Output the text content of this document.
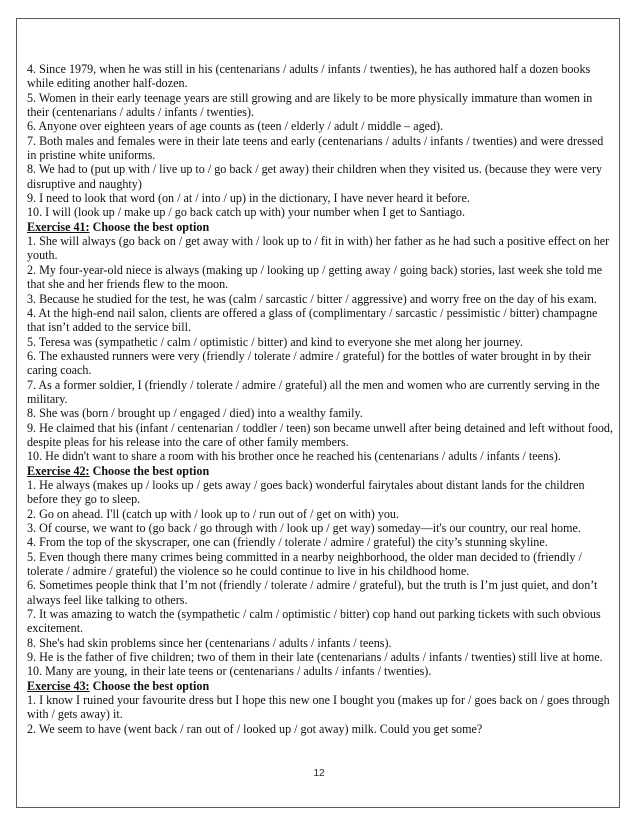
4. Since 1979, when he was still in his (centenarians / adults / infants / twenties), he has authored half a dozen books while editing another half-dozen.

5. Women in their early teenage years are still growing and are likely to be more physically immature than women in their (centenarians / adults / infants / twenties).

6. Anyone over eighteen years of age counts as (teen / elderly / adult / middle – aged).

7. Both males and females were in their late teens and early (centenarians / adults / infants / twenties) and were dressed in pristine white uniforms.

8. We had to (put up with / live up to / go back / get away) their children when they visited us. (because they were very disruptive and naughty)

9. I need to look that word (on / at / into / up) in the dictionary, I have never heard it before.

10. I will (look up / make up / go back catch up with) your number when I get to Santiago.

Exercise 41: Choose the best option

1. She will always (go back on / get away with / look up to / fit in with) her father as he had such a positive effect on her youth.

2. My four-year-old niece is always (making up / looking up / getting away / going back) stories, last week she told me that she and her friends flew to the moon.

3. Because he studied for the test, he was (calm / sarcastic / bitter / aggressive) and worry free on the day of his exam.

4. At the high-end nail salon, clients are offered a glass of (complimentary / sarcastic / pessimistic / bitter) champagne that isn’t added to the service bill.

5. Teresa was (sympathetic / calm / optimistic / bitter) and kind to everyone she met along her journey.

6. The exhausted runners were very (friendly / tolerate / admire / grateful) for the bottles of water brought in by their caring coach.

7. As a former soldier, I (friendly / tolerate / admire / grateful) all the men and women who are currently serving in the military.

8. She was (born / brought up / engaged / died) into a wealthy family.

9. He claimed that his (infant / centenarian / toddler / teen) son became unwell after being detained and left without food, despite pleas for his release into the care of other family members.

10. He didn't want to share a room with his brother once he reached his (centenarians / adults / infants / teens).

Exercise 42: Choose the best option

1. He always (makes up / looks up / gets away / goes back) wonderful fairytales about distant lands for the children before they go to sleep.

2. Go on ahead. I'll (catch up with / look up to / run out of / get on with) you.

3. Of course, we want to (go back / go through with / look up / get way) someday—it's our country, our real home.

4. From the top of the skyscraper, one can (friendly / tolerate / admire / grateful) the city’s stunning skyline.

5. Even though there many crimes being committed in a nearby neighborhood, the older man decided to (friendly / tolerate / admire / grateful) the violence so he could continue to live in his childhood home.

6. Sometimes people think that I’m not (friendly / tolerate / admire / grateful), but the truth is I’m just quiet, and don’t always feel like talking to others.

7. It was amazing to watch the (sympathetic / calm / optimistic / bitter) cop hand out parking tickets with such obvious excitement.

8. She's had skin problems since her (centenarians / adults / infants / teens).

9. He is the father of five children; two of them in their late (centenarians / adults / infants / twenties) still live at home.

10. Many are young, in their late teens or (centenarians / adults / infants / twenties).

Exercise 43: Choose the best option

1. I know I ruined your favourite dress but I hope this new one I bought you (makes up for / goes back on / goes through with / gets away) it.

2. We seem to have (went back / ran out of / looked up / got away) milk. Could you get some?

12
